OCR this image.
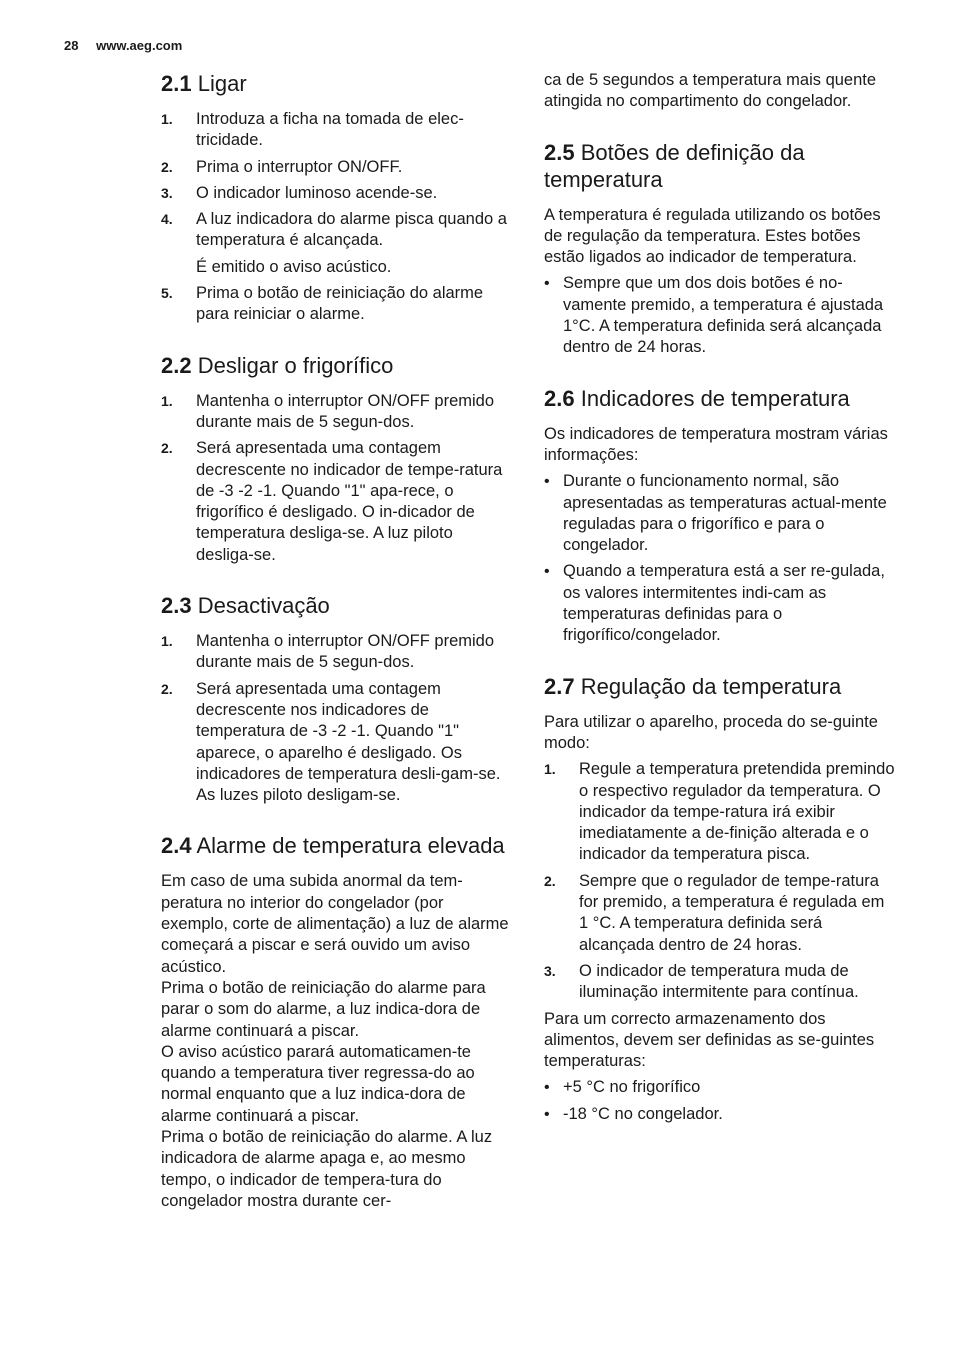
28 www.aeg.com
2.1 Ligar
1. Introduza a ficha na tomada de elec-tricidade.
2. Prima o interruptor ON/OFF.
3. O indicador luminoso acende-se.
4. A luz indicadora do alarme pisca quando a temperatura é alcançada.
É emitido o aviso acústico.
5. Prima o botão de reiniciação do alarme para reiniciar o alarme.
2.2 Desligar o frigorífico
1. Mantenha o interruptor ON/OFF premido durante mais de 5 segun-dos.
2. Será apresentada uma contagem decrescente no indicador de tempe-ratura de -3 -2 -1. Quando "1" apa-rece, o frigorífico é desligado. O in-dicador de temperatura desliga-se. A luz piloto desliga-se.
2.3 Desactivação
1. Mantenha o interruptor ON/OFF premido durante mais de 5 segun-dos.
2. Será apresentada uma contagem decrescente nos indicadores de temperatura de -3 -2 -1. Quando "1" aparece, o aparelho é desligado. Os indicadores de temperatura desli-gam-se. As luzes piloto desligam-se.
2.4 Alarme de temperatura elevada

Em caso de uma subida anormal da tem-peratura no interior do congelador (por exemplo, corte de alimentação) a luz de alarme começará a piscar e será ouvido um aviso acústico.

Prima o botão de reiniciação do alarme para parar o som do alarme, a luz indica-dora de alarme continuará a piscar.

O aviso acústico parará automaticamen-te quando a temperatura tiver regressa-do ao normal enquanto que a luz indica-dora de alarme continuará a piscar.

Prima o botão de reiniciação do alarme. A luz indicadora de alarme apaga e, ao mesmo tempo, o indicador de tempera-tura do congelador mostra durante cer-

ca de 5 segundos a temperatura mais quente atingida no compartimento do congelador.

2.5 Botões de definição da temperatura

A temperatura é regulada utilizando os botões de regulação da temperatura. Estes botões estão ligados ao indicador de temperatura.

• Sempre que um dos dois botões é no-vamente premido, a temperatura é ajustada 1°C. A temperatura definida será alcançada dentro de 24 horas.
2.6 Indicadores de temperatura

Os indicadores de temperatura mostram várias informações:

• Durante o funcionamento normal, são apresentadas as temperaturas actual-mente reguladas para o frigorífico e para o congelador.
• Quando a temperatura está a ser re-gulada, os valores intermitentes indi-cam as temperaturas definidas para o frigorífico/congelador.
2.7 Regulação da temperatura

Para utilizar o aparelho, proceda do se-guinte modo:

1. Regule a temperatura pretendida premindo o respectivo regulador da temperatura. O indicador da tempe-ratura irá exibir imediatamente a de-finição alterada e o indicador da temperatura pisca.
2. Sempre que o regulador de tempe-ratura for premido, a temperatura é regulada em 1 °C. A temperatura definida será alcançada dentro de 24 horas.
3. O indicador de temperatura muda de iluminação intermitente para contínua.

Para um correcto armazenamento dos alimentos, devem ser definidas as se-guintes temperaturas:

• +5 °C no frigorífico
• -18 °C no congelador.
